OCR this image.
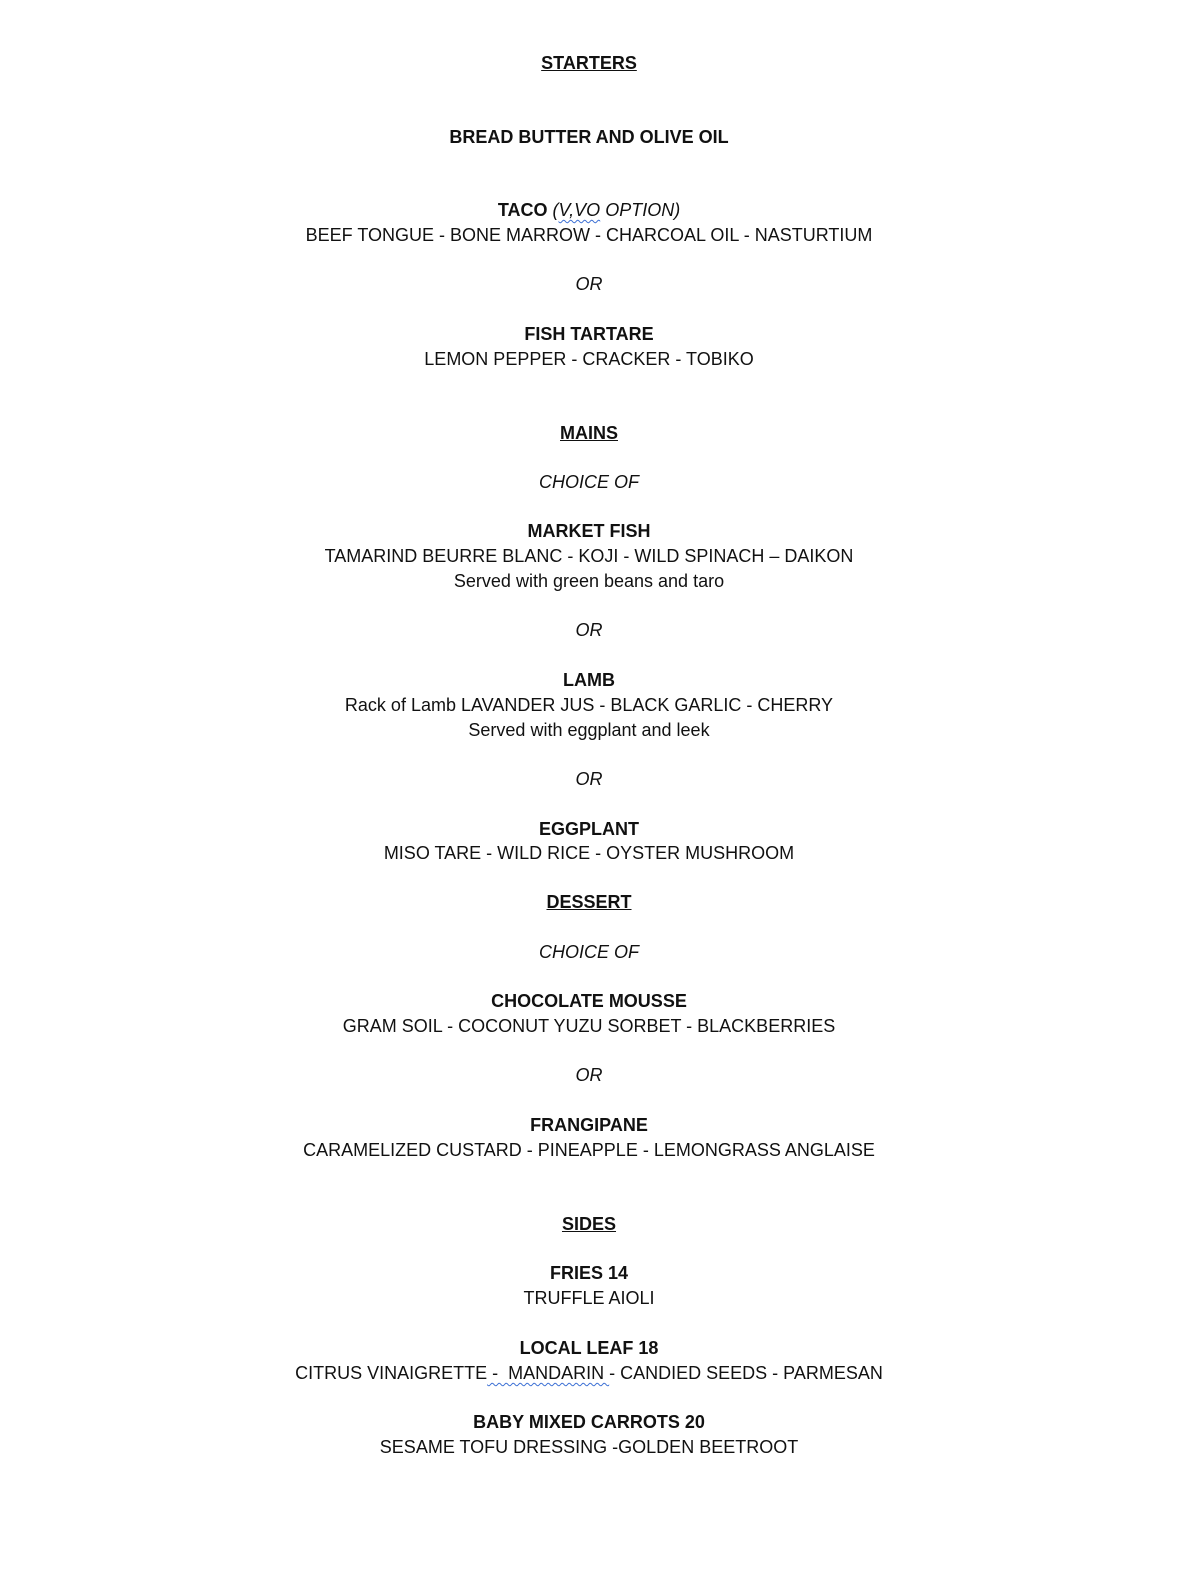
STARTERS
BREAD BUTTER AND OLIVE OIL
TACO (V,VO OPTION)
BEEF TONGUE - BONE MARROW - CHARCOAL OIL - NASTURTIUM
OR
FISH TARTARE
LEMON PEPPER - CRACKER - TOBIKO
MAINS
CHOICE OF
MARKET FISH
TAMARIND BEURRE BLANC - KOJI - WILD SPINACH – DAIKON
Served with green beans and taro
OR
LAMB
Rack of Lamb LAVANDER JUS - BLACK GARLIC - CHERRY
Served with eggplant and leek
OR
EGGPLANT
MISO TARE - WILD RICE - OYSTER MUSHROOM
DESSERT
CHOICE OF
CHOCOLATE MOUSSE
GRAM SOIL - COCONUT YUZU SORBET - BLACKBERRIES
OR
FRANGIPANE
CARAMELIZED CUSTARD - PINEAPPLE - LEMONGRASS ANGLAISE
SIDES
FRIES 14
TRUFFLE AIOLI
LOCAL LEAF 18
CITRUS VINAIGRETTE -  MANDARIN - CANDIED SEEDS - PARMESAN
BABY MIXED CARROTS 20
SESAME TOFU DRESSING -GOLDEN BEETROOT
